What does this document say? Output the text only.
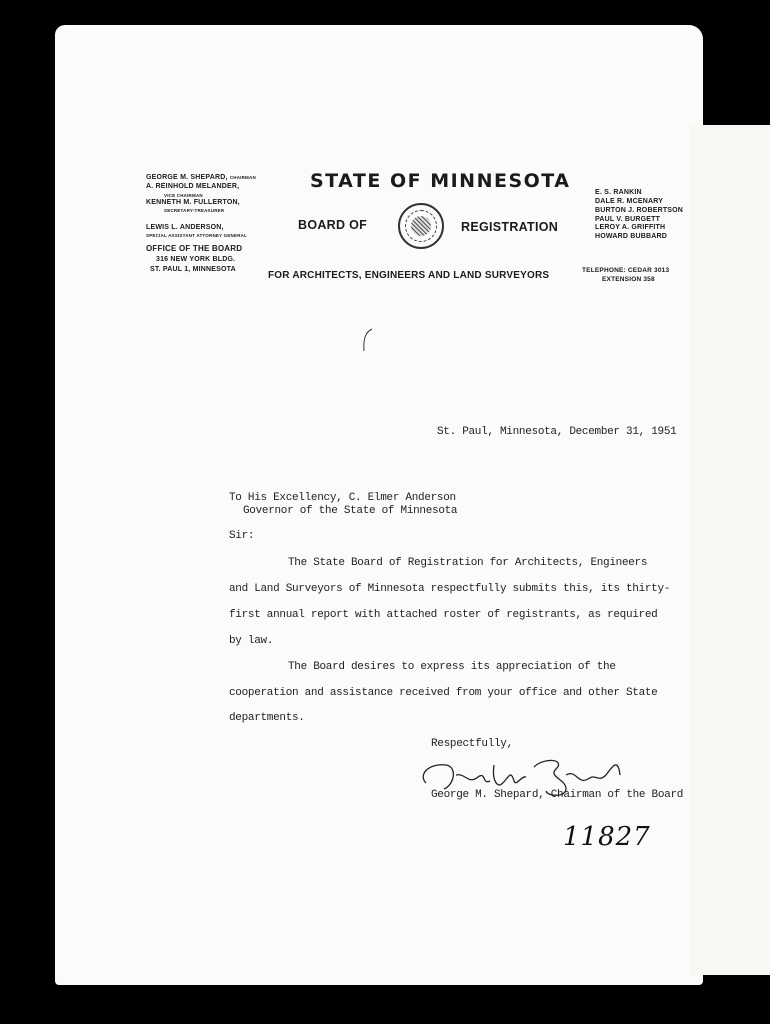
GEORGE M. SHEPARD, CHAIRMAN
A. REINHOLD MELANDER,
VICE CHAIRMAN
KENNETH M. FULLERTON,
SECRETARY-TREASURER
LEWIS L. ANDERSON,
SPECIAL ASSISTANT ATTORNEY GENERAL
OFFICE OF THE BOARD
316 NEW YORK BLDG.
ST. PAUL 1, MINNESOTA
STATE OF MINNESOTA
BOARD OF	REGISTRATION
FOR ARCHITECTS, ENGINEERS AND LAND SURVEYORS
E. S. RANKIN
DALE R. MCENARY
BURTON J. ROBERTSON
PAUL V. BURGETT
LEROY A. GRIFFITH
HOWARD BUBBARD
TELEPHONE: CEDAR 3013
EXTENSION 358
St. Paul, Minnesota, December 31, 1951
To His Excellency, C. Elmer Anderson
Governor of the State of Minnesota
Sir:
The State Board of Registration for Architects, Engineers
and Land Surveyors of Minnesota respectfully submits this, its thirty-
first annual report with attached roster of registrants, as required
by law.
The Board desires to express its appreciation of the
cooperation and assistance received from your office and other State
departments.
Respectfully,
George M. Shepard, Chairman of the Board
11827
